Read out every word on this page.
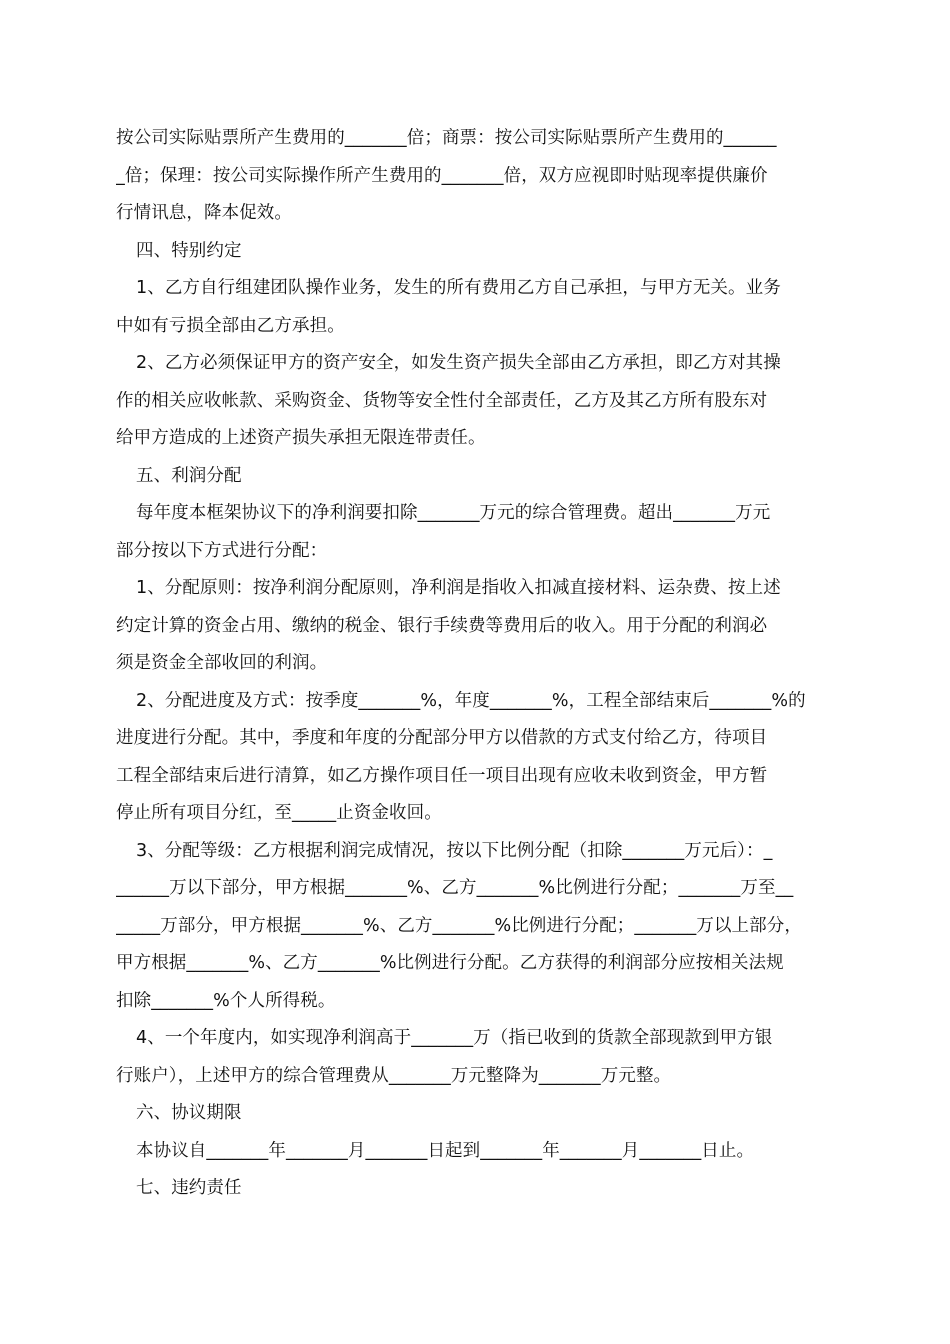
按公司实际贴票所产生费用的_______倍；商票：按公司实际贴票所产生费用的______
_倍；保理：按公司实际操作所产生费用的_______倍，双方应视即时贴现率提供廉价
行情讯息，降本促效。
四、特别约定
1、乙方自行组建团队操作业务，发生的所有费用乙方自己承担，与甲方无关。业务
中如有亏损全部由乙方承担。
2、乙方必须保证甲方的资产安全，如发生资产损失全部由乙方承担，即乙方对其操
作的相关应收帐款、采购资金、货物等安全性付全部责任，乙方及其乙方所有股东对
给甲方造成的上述资产损失承担无限连带责任。
五、利润分配
每年度本框架协议下的净利润要扣除_______万元的综合管理费。超出_______万元
部分按以下方式进行分配：
1、分配原则：按净利润分配原则，净利润是指收入扣减直接材料、运杂费、按上述
约定计算的资金占用、缴纳的税金、银行手续费等费用后的收入。用于分配的利润必
须是资金全部收回的利润。
2、分配进度及方式：按季度_______%，年度_______%，工程全部结束后_______%的
进度进行分配。其中，季度和年度的分配部分甲方以借款的方式支付给乙方，待项目
工程全部结束后进行清算，如乙方操作项目任一项目出现有应收未收到资金，甲方暂
停止所有项目分红，至_____止资金收回。
3、分配等级：乙方根据利润完成情况，按以下比例分配（扣除_______万元后）：_
______万以下部分，甲方根据_______%、乙方_______%比例进行分配；_______万至__
_____万部分，甲方根据_______%、乙方_______%比例进行分配；_______万以上部分，
甲方根据_______%、乙方_______%比例进行分配。乙方获得的利润部分应按相关法规
扣除_______%个人所得税。
4、一个年度内，如实现净利润高于_______万（指已收到的货款全部现款到甲方银
行账户），上述甲方的综合管理费从_______万元整降为_______万元整。
六、协议期限
本协议自_______年_______月_______日起到_______年_______月_______日止。
七、违约责任
